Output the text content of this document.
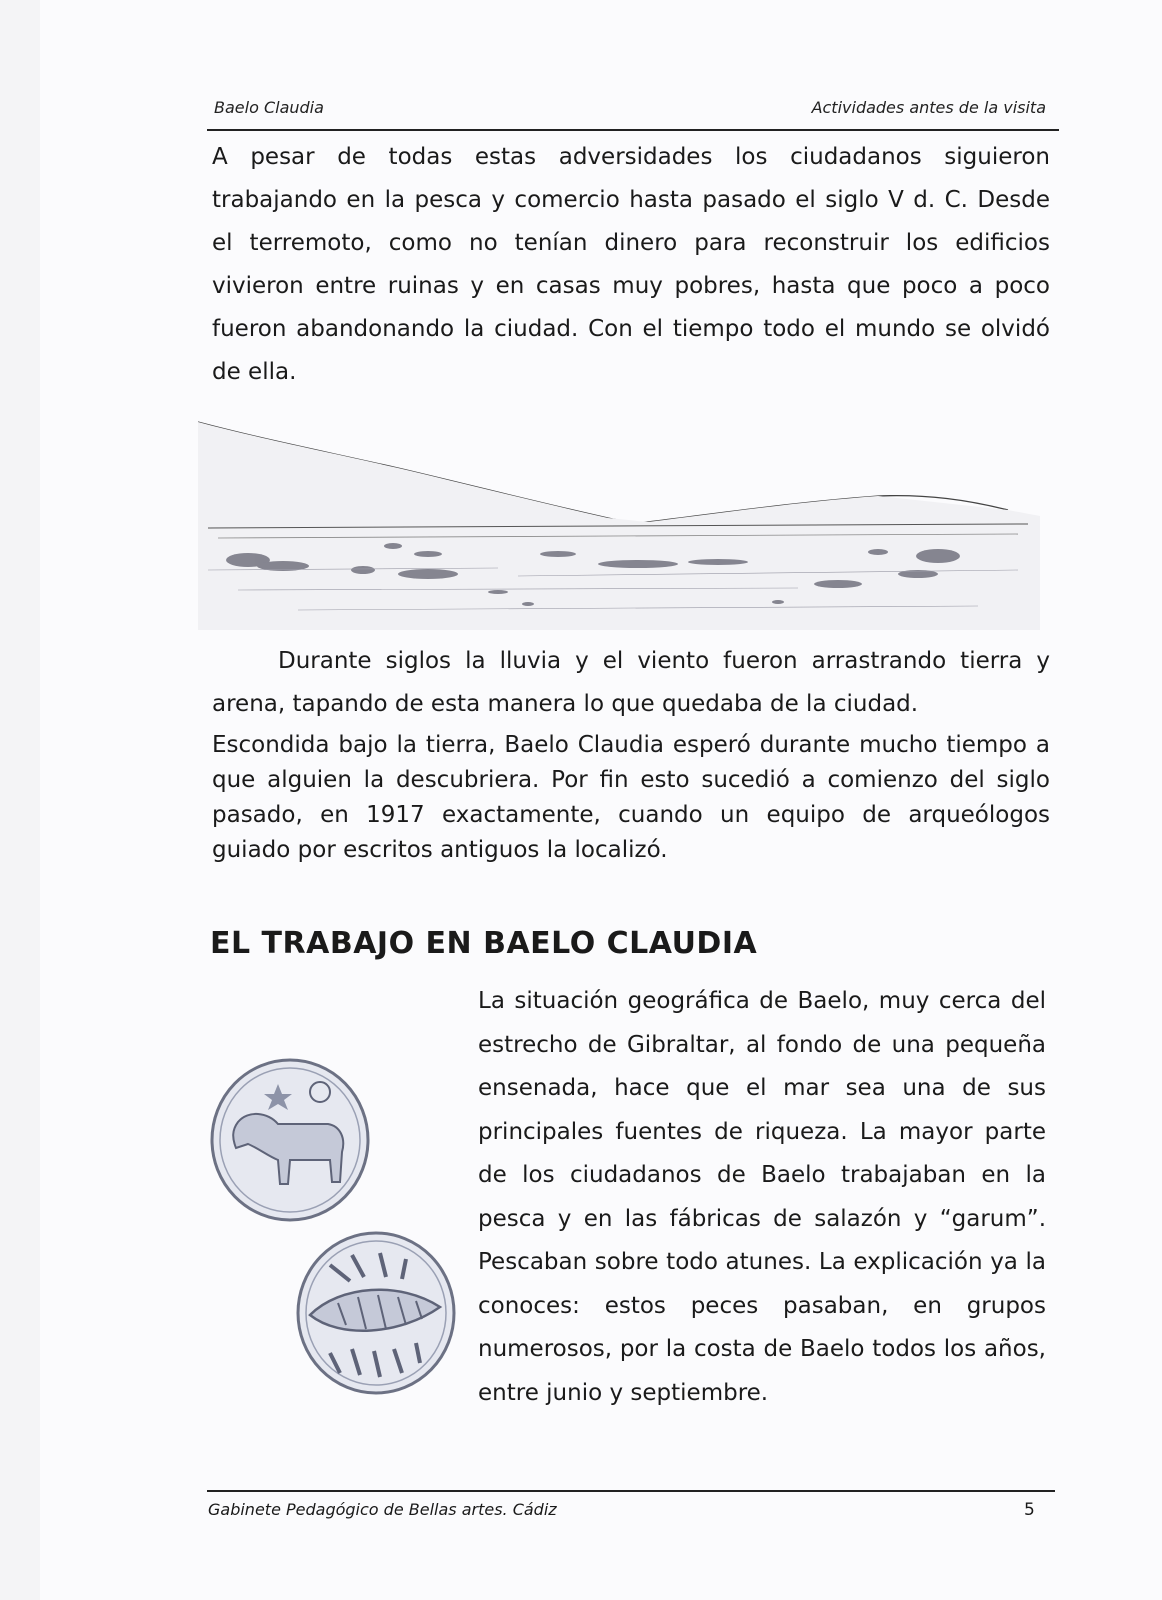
Baelo Claudia	Actividades antes de la visita
A pesar de todas estas adversidades los ciudadanos siguieron trabajando en la pesca y comercio hasta pasado el siglo V d. C. Desde el terremoto, como no tenían dinero para reconstruir los edificios vivieron entre ruinas y en casas muy pobres, hasta que poco a poco fueron abandonando la ciudad. Con el tiempo todo el mundo se olvidó de ella.
Durante siglos la lluvia y el viento fueron arrastrando tierra y arena, tapando de esta manera lo que quedaba de la ciudad.
Escondida bajo la tierra, Baelo Claudia esperó durante mucho tiempo a que alguien la descubriera. Por fin esto sucedió a comienzo del siglo pasado, en 1917 exactamente, cuando un equipo de arqueólogos guiado por escritos antiguos la localizó.
EL TRABAJO EN BAELO CLAUDIA
La situación geográfica de Baelo, muy cerca del estrecho de Gibraltar, al fondo de una pequeña ensenada, hace que el mar sea una de sus principales fuentes de riqueza. La mayor parte de los ciudadanos de Baelo trabajaban en la pesca y en las fábricas de salazón y “garum”. Pescaban sobre todo atunes. La explicación ya la conoces: estos peces pasaban, en grupos numerosos, por la costa de Baelo todos los años, entre junio y septiembre.
Gabinete Pedagógico de Bellas artes. Cádiz	5
